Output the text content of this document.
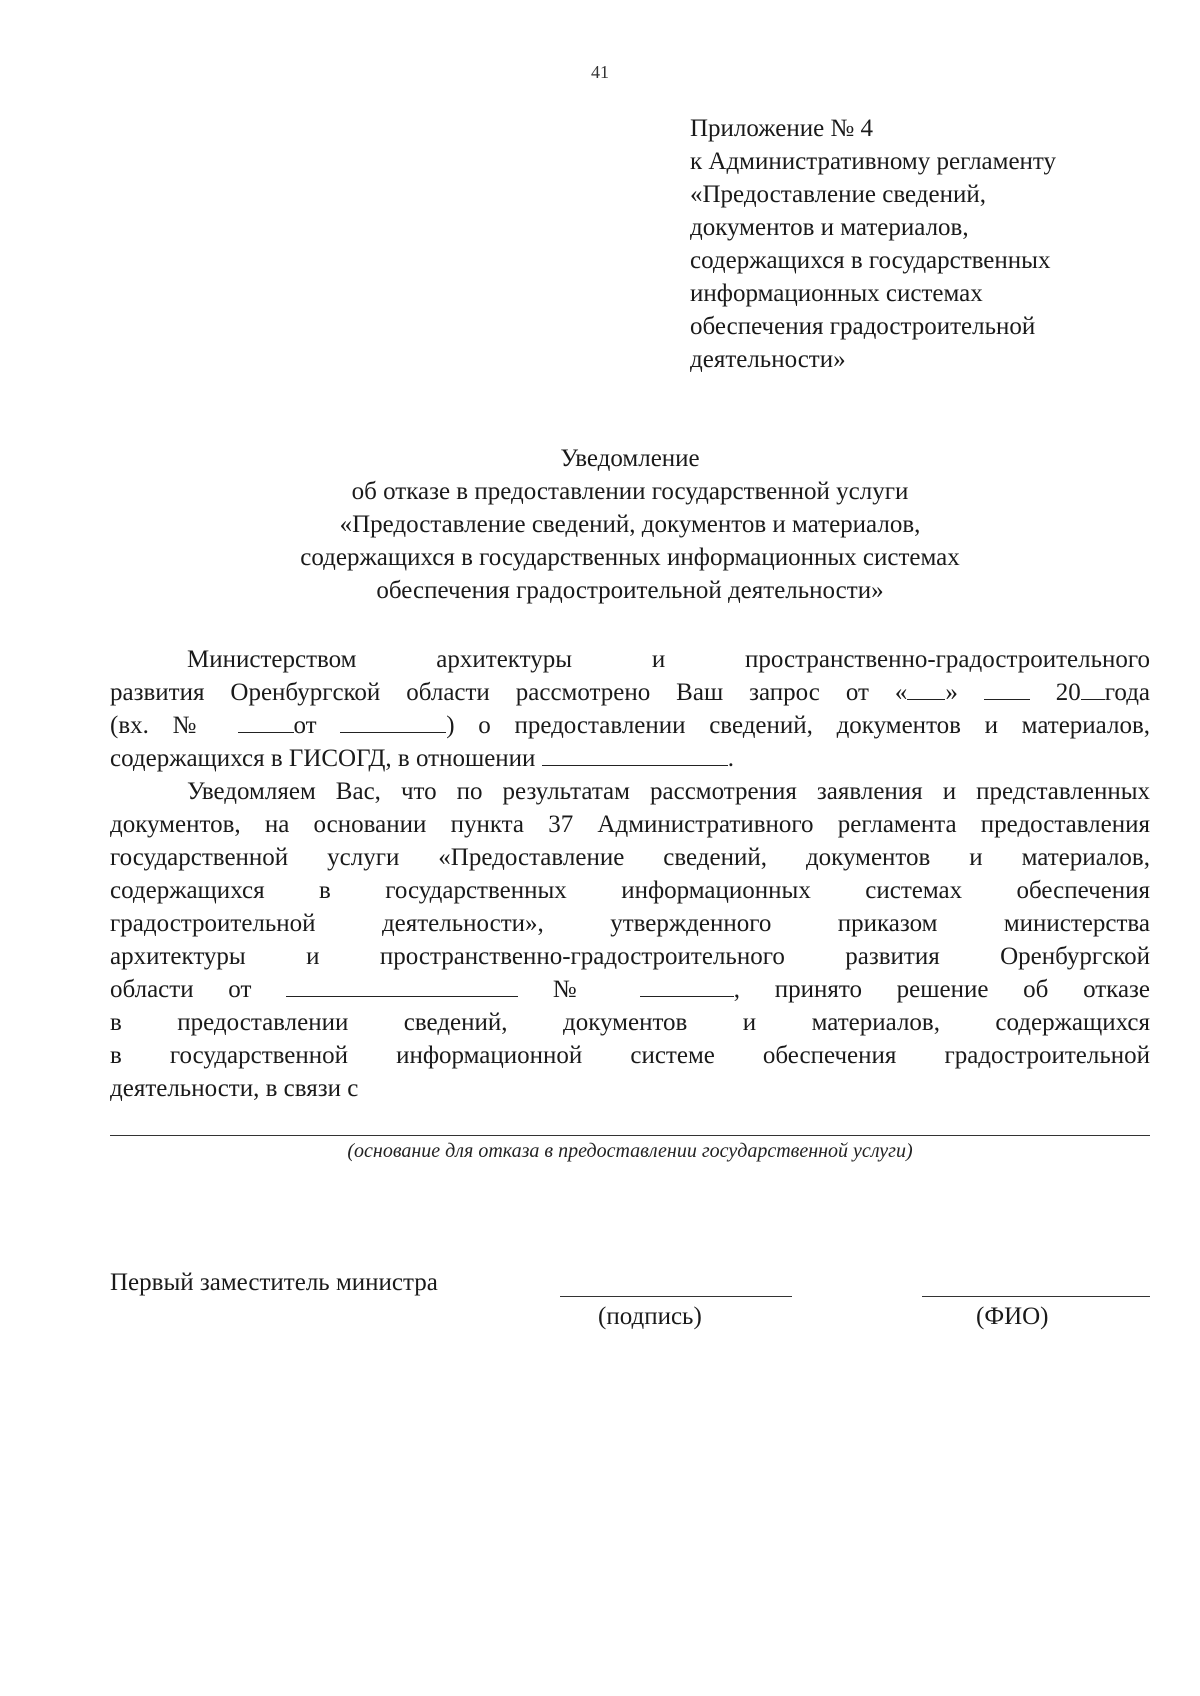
41
Приложение № 4
к Административному регламенту
«Предоставление сведений,
документов и материалов,
содержащихся в государственных
информационных системах
обеспечения градостроительной
деятельности»
Уведомление
об отказе в предоставлении государственной услуги
«Предоставление сведений, документов и материалов,
содержащихся в государственных информационных системах
обеспечения градостроительной деятельности»
Министерством архитектуры и пространственно-градостроительного
развития Оренбургской области рассмотрено Ваш запрос от « »	20 года
(вх. №	от	) о предоставлении сведений, документов и материалов,
содержащихся в ГИСОГД, в отношении	.
Уведомляем Вас, что по результатам рассмотрения заявления и представленных
документов, на основании пункта 37 Административного регламента предоставления
государственной услуги «Предоставление сведений, документов и материалов,
содержащихся в государственных информационных системах обеспечения
градостроительной деятельности», утвержденного приказом министерства
архитектуры и пространственно-градостроительного развития Оренбургской
области от	№	, принято решение об отказе
в предоставлении сведений, документов и материалов, содержащихся
в государственной информационной системе обеспечения градостроительной
деятельности, в связи с
(основание для отказа в предоставлении государственной услуги)
Первый заместитель министра
(подпись)	(ФИО)
